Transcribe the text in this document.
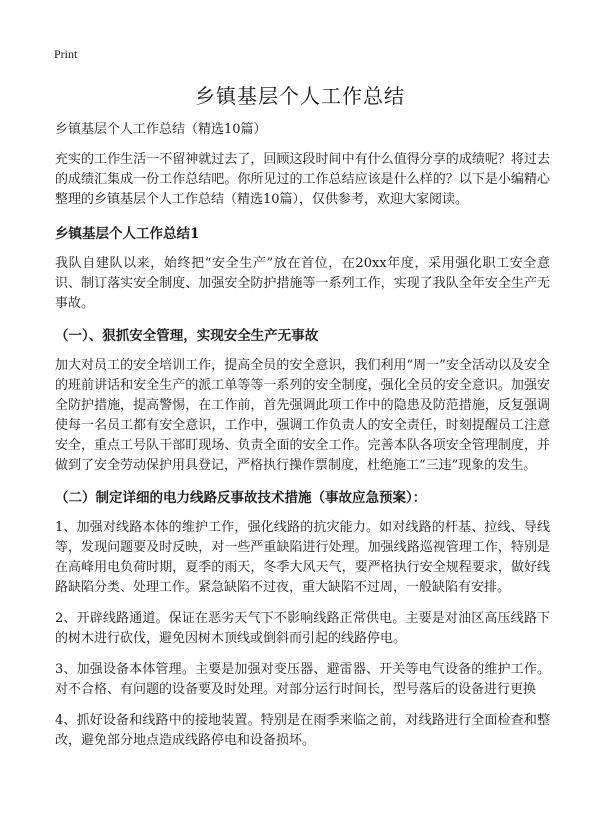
Print
乡镇基层个人工作总结
乡镇基层个人工作总结（精选10篇）

充实的工作生活一不留神就过去了，回顾这段时间中有什么值得分享的成绩呢？将过去的成绩汇集成一份工作总结吧。你所见过的工作总结应该是什么样的？以下是小编精心整理的乡镇基层个人工作总结（精选10篇），仅供参考，欢迎大家阅读。

乡镇基层个人工作总结1

我队自建队以来，始终把“安全生产”放在首位，在20xx年度，采用强化职工安全意识、制订落实安全制度、加强安全防护措施等一系列工作，实现了我队全年安全生产无事故。

（一）、狠抓安全管理，实现安全生产无事故

加大对员工的安全培训工作，提高全员的安全意识，我们利用“周一”安全活动以及安全的班前讲话和安全生产的派工单等等一系列的安全制度，强化全员的安全意识。加强安全防护措施，提高警惕，在工作前，首先强调此项工作中的隐患及防范措施，反复强调使每一名员工都有安全意识，工作中，强调工作负责人的安全责任，时刻提醒员工注意安全，重点工号队干部盯现场、负责全面的安全工作。完善本队各项安全管理制度，并做到了安全劳动保护用具登记，严格执行操作票制度，杜绝施工“三违”现象的发生。

（二）制定详细的电力线路反事故技术措施（事故应急预案）：

1、加强对线路本体的维护工作，强化线路的抗灾能力。如对线路的杆基、拉线、导线等，发现问题要及时反映，对一些严重缺陷进行处理。加强线路巡视管理工作，特别是在高峰用电负荷时期，夏季的雨天，冬季大风天气，要严格执行安全规程要求，做好线路缺陷分类、处理工作。紧急缺陷不过夜，重大缺陷不过周，一般缺陷有安排。

2、开辟线路通道。保证在恶劣天气下不影响线路正常供电。主要是对油区高压线路下的树木进行砍伐，避免因树木顶线或倒斜而引起的线路停电。

3、加强设备本体管理。主要是加强对变压器、避雷器、开关等电气设备的维护工作。对不合格、有问题的设备要及时处理。对部分运行时间长，型号落后的设备进行更换

4、抓好设备和线路中的接地装置。特别是在雨季来临之前，对线路进行全面检查和整改，避免部分地点造成线路停电和设备损坏。
